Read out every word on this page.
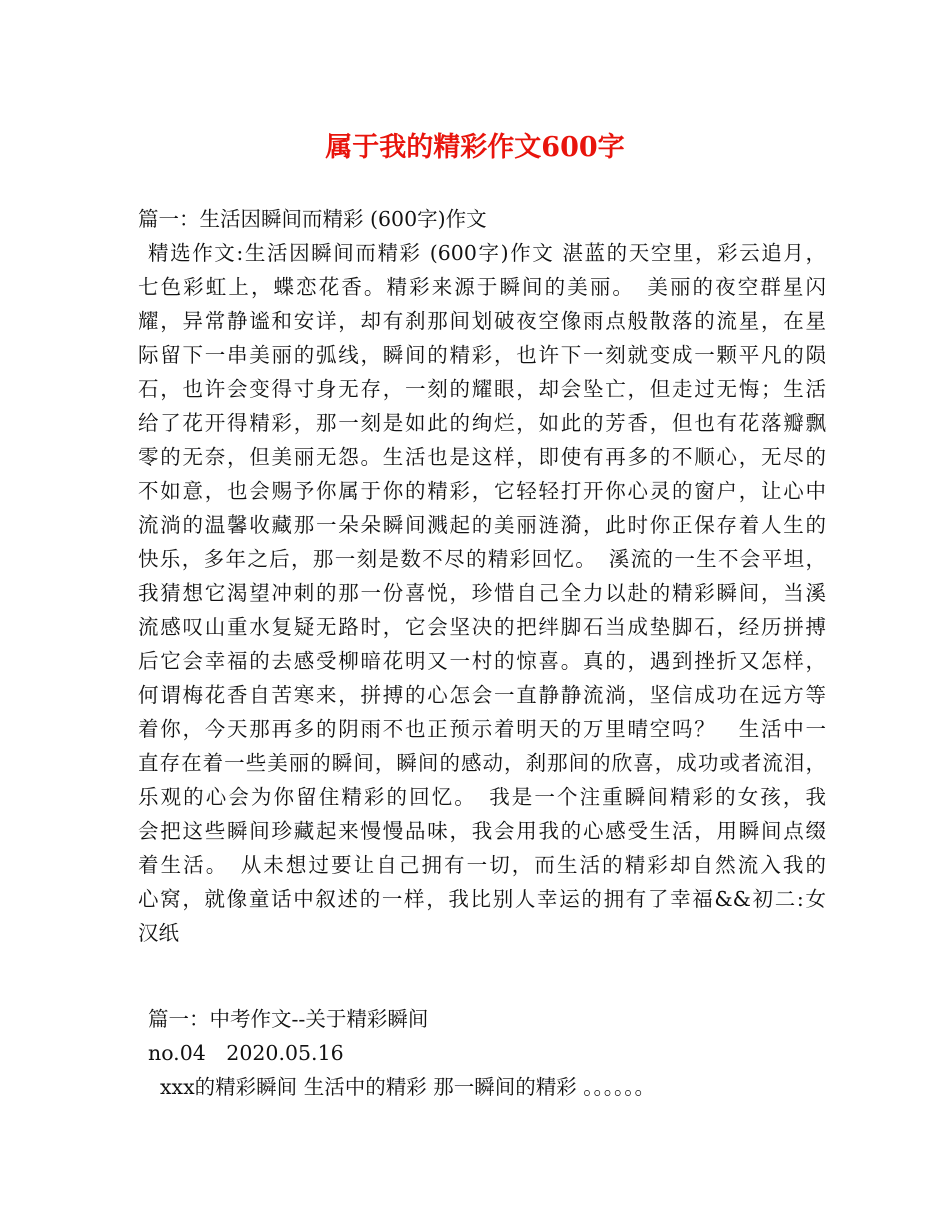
属于我的精彩作文600字
篇一：生活因瞬间而精彩 (600字)作文
精选作文:生活因瞬间而精彩 (600字)作文 湛蓝的天空里，彩云追月，
七色彩虹上，蝶恋花香。精彩来源于瞬间的美丽。　美丽的夜空群星闪
耀，异常静谧和安详，却有刹那间划破夜空像雨点般散落的流星，在星
际留下一串美丽的弧线，瞬间的精彩，也许下一刻就变成一颗平凡的陨
石，也许会变得寸身无存，一刻的耀眼，却会坠亡，但走过无悔；生活
给了花开得精彩，那一刻是如此的绚烂，如此的芳香，但也有花落瓣飘
零的无奈，但美丽无怨。生活也是这样，即使有再多的不顺心，无尽的
不如意，也会赐予你属于你的精彩，它轻轻打开你心灵的窗户，让心中
流淌的温馨收藏那一朵朵瞬间溅起的美丽涟漪，此时你正保存着人生的
快乐，多年之后，那一刻是数不尽的精彩回忆。　溪流的一生不会平坦，
我猜想它渴望冲刺的那一份喜悦，珍惜自己全力以赴的精彩瞬间，当溪
流感叹山重水复疑无路时，它会坚决的把绊脚石当成垫脚石，经历拼搏
后它会幸福的去感受柳暗花明又一村的惊喜。真的，遇到挫折又怎样，
何谓梅花香自苦寒来，拼搏的心怎会一直静静流淌，坚信成功在远方等
着你，今天那再多的阴雨不也正预示着明天的万里晴空吗？　生活中一
直存在着一些美丽的瞬间，瞬间的感动，刹那间的欣喜，成功或者流泪，
乐观的心会为你留住精彩的回忆。　我是一个注重瞬间精彩的女孩，我
会把这些瞬间珍藏起来慢慢品味，我会用我的心感受生活，用瞬间点缀
着生活。　从未想过要让自己拥有一切，而生活的精彩却自然流入我的
心窝，就像童话中叙述的一样，我比别人幸运的拥有了幸福&&初二:女
汉纸
篇一：中考作文--关于精彩瞬间
no.04　2020.05.16
xxx的精彩瞬间 生活中的精彩 那一瞬间的精彩 。。。。。。
